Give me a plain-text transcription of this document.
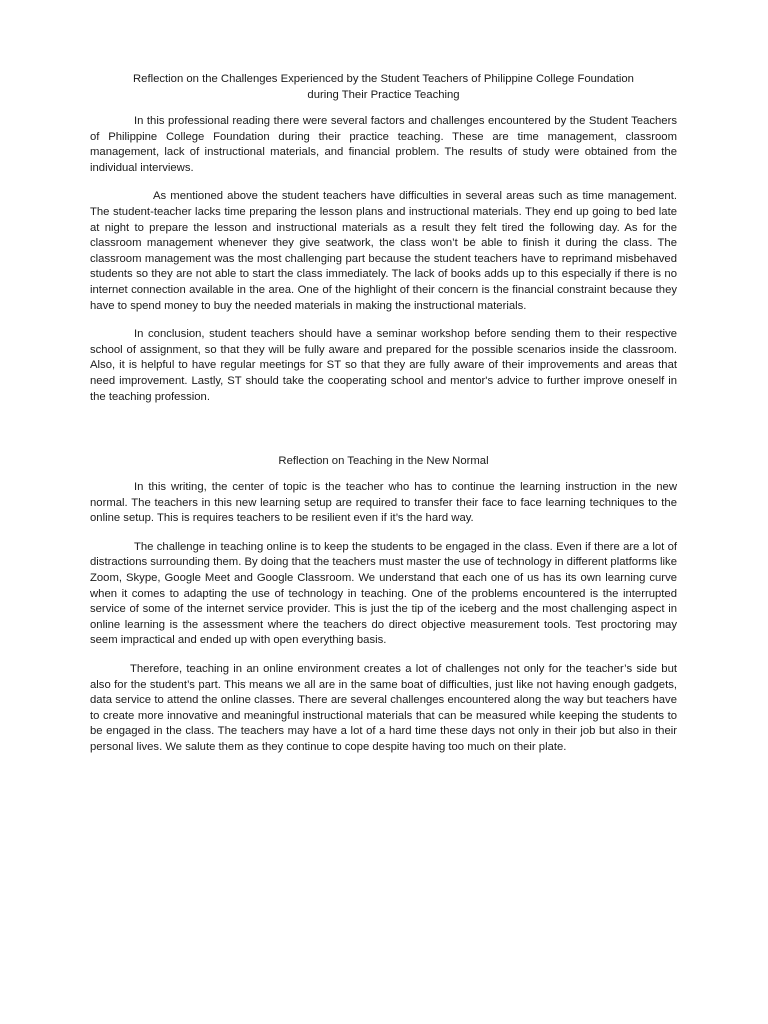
Reflection on the Challenges Experienced by the Student Teachers of Philippine College Foundation
during Their Practice Teaching

In this professional reading there were several factors and challenges encountered by the Student Teachers of Philippine College Foundation during their practice teaching. These are time management, classroom management, lack of instructional materials, and financial problem. The results of study were obtained from the individual interviews.

As mentioned above the student teachers have difficulties in several areas such as time management. The student-teacher lacks time preparing the lesson plans and instructional materials. They end up going to bed late at night to prepare the lesson and instructional materials as a result they felt tired the following day. As for the classroom management whenever they give seatwork, the class won’t be able to finish it during the class. The classroom management was the most challenging part because the student teachers have to reprimand misbehaved students so they are not able to start the class immediately. The lack of books adds up to this especially if there is no internet connection available in the area. One of the highlight of their concern is the financial constraint because they have to spend money to buy the needed materials in making the instructional materials.

In conclusion, student teachers should have a seminar workshop before sending them to their respective school of assignment, so that they will be fully aware and prepared for the possible scenarios inside the classroom. Also, it is helpful to have regular meetings for ST so that they are fully aware of their improvements and areas that need improvement. Lastly, ST should take the cooperating school and mentor's advice to further improve oneself in the teaching profession.

Reflection on Teaching in the New Normal

In this writing, the center of topic is the teacher who has to continue the learning instruction in the new normal. The teachers in this new learning setup are required to transfer their face to face learning techniques to the online setup. This is requires teachers to be resilient even if it’s the hard way.

The challenge in teaching online is to keep the students to be engaged in the class. Even if there are a lot of distractions surrounding them. By doing that the teachers must master the use of technology in different platforms like Zoom, Skype, Google Meet and Google Classroom. We understand that each one of us has its own learning curve when it comes to adapting the use of technology in teaching. One of the problems encountered is the interrupted service of some of the internet service provider. This is just the tip of the iceberg and the most challenging aspect in online learning is the assessment where the teachers do direct objective measurement tools. Test proctoring may seem impractical and ended up with open everything basis.

Therefore, teaching in an online environment creates a lot of challenges not only for the teacher’s side but also for the student’s part. This means we all are in the same boat of difficulties, just like not having enough gadgets, data service to attend the online classes. There are several challenges encountered along the way but teachers have to create more innovative and meaningful instructional materials that can be measured while keeping the students to be engaged in the class. The teachers may have a lot of a hard time these days not only in their job but also in their personal lives. We salute them as they continue to cope despite having too much on their plate.
